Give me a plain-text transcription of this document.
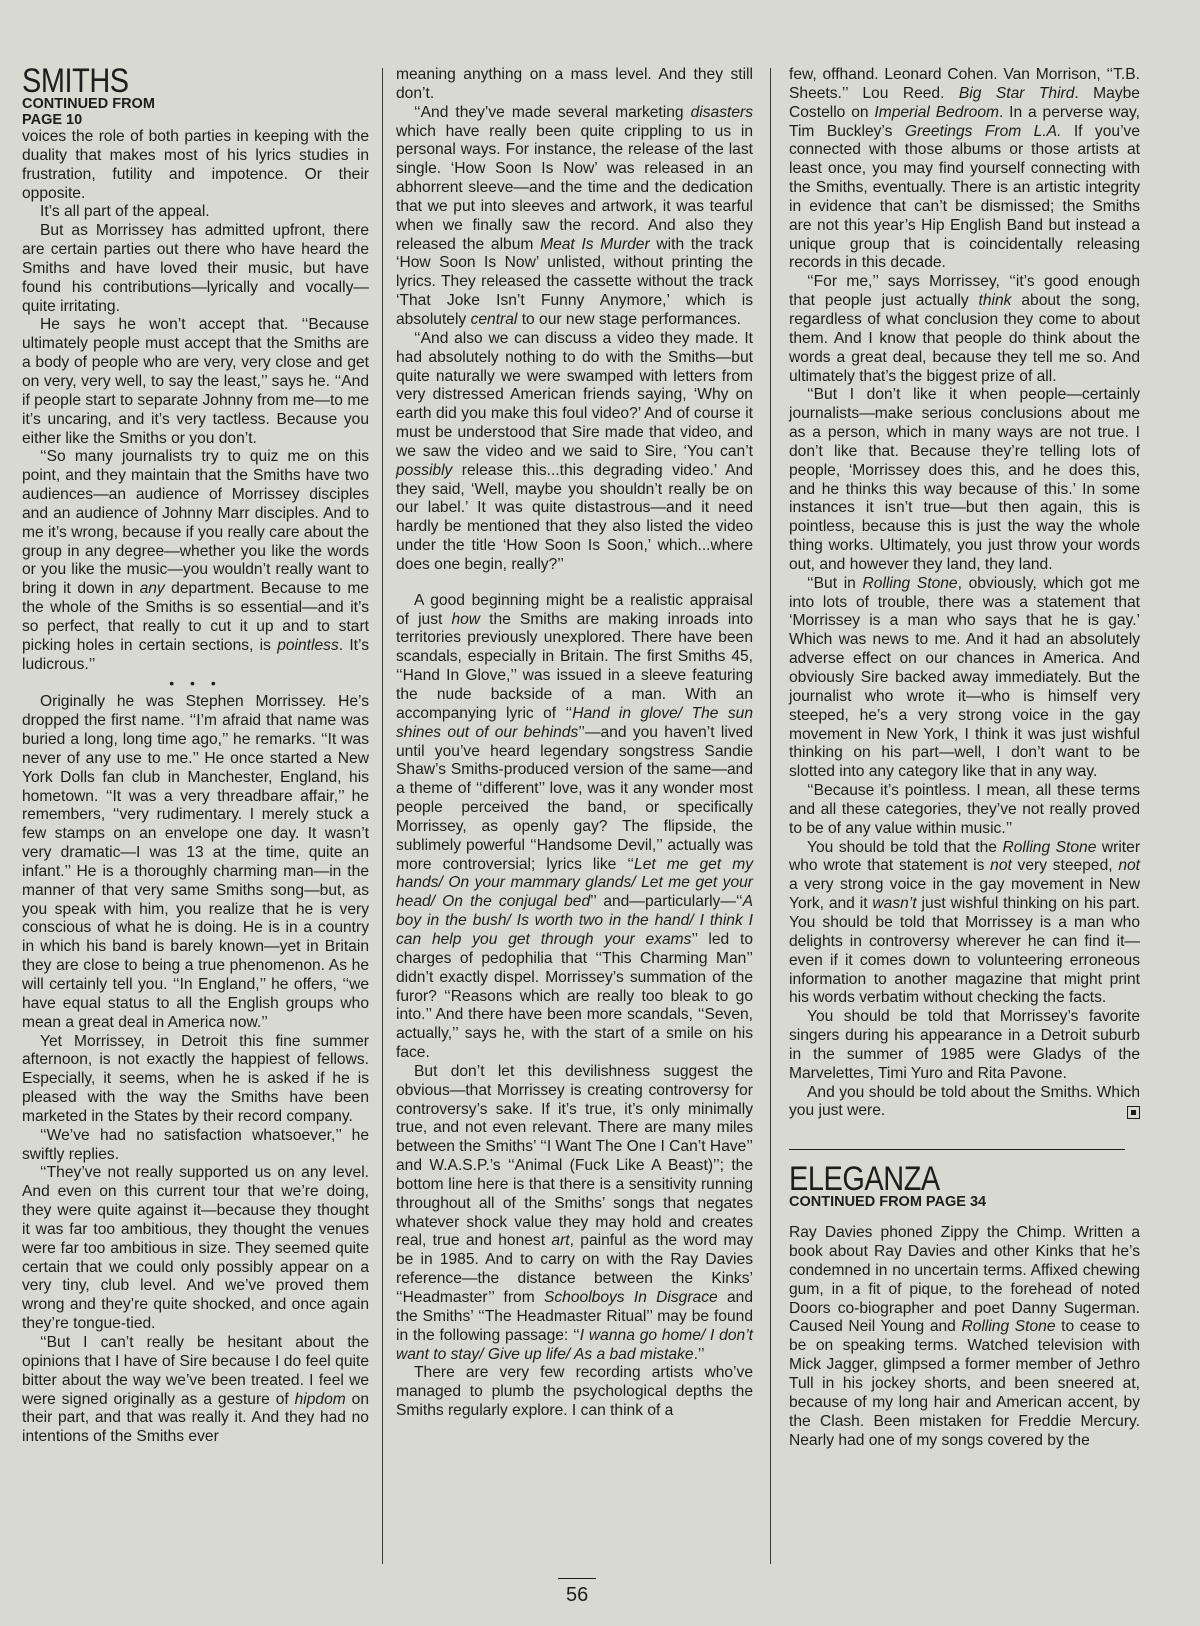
SMITHS

CONTINUED FROM

PAGE 10

voices the role of both parties in keeping with the duality that makes most of his lyrics studies in frustration, futility and impotence. Or their opposite.

It’s all part of the appeal.

But as Morrissey has admitted upfront, there are certain parties out there who have heard the Smiths and have loved their music, but have found his contributions—lyrically and vocally—quite irritating.

He says he won’t accept that. ‘‘Because ultimately people must accept that the Smiths are a body of people who are very, very close and get on very, very well, to say the least,’’ says he. ‘‘And if people start to separate Johnny from me—to me it’s uncaring, and it’s very tactless. Because you either like the Smiths or you don’t.

‘‘So many journalists try to quiz me on this point, and they maintain that the Smiths have two audiences—an audience of Morrissey disciples and an audience of Johnny Marr disciples. And to me it’s wrong, because if you really care about the group in any degree—whether you like the words or you like the music—you wouldn’t really want to bring it down in any department. Because to me the whole of the Smiths is so essential—and it’s so perfect, that really to cut it up and to start picking holes in certain sections, is pointless. It’s ludicrous.’’

• • •

Originally he was Stephen Morrissey. He’s dropped the first name. ‘‘I’m afraid that name was buried a long, long time ago,’’ he remarks. ‘‘It was never of any use to me.’’ He once started a New York Dolls fan club in Manchester, England, his hometown. ‘‘It was a very threadbare affair,’’ he remembers, ‘‘very rudimentary. I merely stuck a few stamps on an envelope one day. It wasn’t very dramatic—I was 13 at the time, quite an infant.’’ He is a thoroughly charming man—in the manner of that very same Smiths song—but, as you speak with him, you realize that he is very conscious of what he is doing. He is in a country in which his band is barely known—yet in Britain they are close to being a true phenomenon. As he will certainly tell you. ‘‘In England,’’ he offers, ‘‘we have equal status to all the English groups who mean a great deal in America now.’’

Yet Morrissey, in Detroit this fine summer afternoon, is not exactly the happiest of fellows. Especially, it seems, when he is asked if he is pleased with the way the Smiths have been marketed in the States by their record company.

‘‘We’ve had no satisfaction whatsoever,’’ he swiftly replies.

‘‘They’ve not really supported us on any level. And even on this current tour that we’re doing, they were quite against it—because they thought it was far too ambitious, they thought the venues were far too ambitious in size. They seemed quite certain that we could only possibly appear on a very tiny, club level. And we’ve proved them wrong and they’re quite shocked, and once again they’re tongue-tied.

‘‘But I can’t really be hesitant about the opinions that I have of Sire because I do feel quite bitter about the way we’ve been treated. I feel we were signed originally as a gesture of hipdom on their part, and that was really it. And they had no intentions of the Smiths ever

meaning anything on a mass level. And they still don’t.

‘‘And they’ve made several marketing disasters which have really been quite crippling to us in personal ways. For instance, the release of the last single. ‘How Soon Is Now’ was released in an abhorrent sleeve—and the time and the dedication that we put into sleeves and artwork, it was tearful when we finally saw the record. And also they released the album Meat Is Murder with the track ‘How Soon Is Now’ unlisted, without printing the lyrics. They released the cassette without the track ‘That Joke Isn’t Funny Anymore,’ which is absolutely central to our new stage performances.

‘‘And also we can discuss a video they made. It had absolutely nothing to do with the Smiths—but quite naturally we were swamped with letters from very distressed American friends saying, ‘Why on earth did you make this foul video?’ And of course it must be understood that Sire made that video, and we saw the video and we said to Sire, ‘You can’t possibly release this...this degrading video.’ And they said, ‘Well, maybe you shouldn’t really be on our label.’ It was quite distastrous—and it need hardly be mentioned that they also listed the video under the title ‘How Soon Is Soon,’ which...where does one begin, really?’’

A good beginning might be a realistic appraisal of just how the Smiths are making inroads into territories previously unexplored. There have been scandals, especially in Britain. The first Smiths 45, ‘‘Hand In Glove,’’ was issued in a sleeve featuring the nude backside of a man. With an accompanying lyric of ‘‘Hand in glove/ The sun shines out of our behinds’’—and you haven’t lived until you’ve heard legendary songstress Sandie Shaw’s Smiths-produced version of the same—and a theme of ‘‘different’’ love, was it any wonder most people perceived the band, or specifically Morrissey, as openly gay? The flipside, the sublimely powerful ‘‘Handsome Devil,’’ actually was more controversial; lyrics like ‘‘Let me get my hands/ On your mammary glands/ Let me get your head/ On the conjugal bed’’ and—particularly—‘‘A boy in the bush/ Is worth two in the hand/ I think I can help you get through your exams’’ led to charges of pedophilia that ‘‘This Charming Man’’ didn’t exactly dispel. Morrissey’s summation of the furor? ‘‘Reasons which are really too bleak to go into.’’ And there have been more scandals, ‘‘Seven, actually,’’ says he, with the start of a smile on his face.

But don’t let this devilishness suggest the obvious—that Morrissey is creating controversy for controversy’s sake. If it’s true, it’s only minimally true, and not even relevant. There are many miles between the Smiths’ ‘‘I Want The One I Can’t Have’’ and W.A.S.P.’s ‘‘Animal (Fuck Like A Beast)’’; the bottom line here is that there is a sensitivity running throughout all of the Smiths’ songs that negates whatever shock value they may hold and creates real, true and honest art, painful as the word may be in 1985. And to carry on with the Ray Davies reference—the distance between the Kinks’ ‘‘Headmaster’’ from Schoolboys In Disgrace and the Smiths’ ‘‘The Headmaster Ritual’’ may be found in the following passage: ‘‘I wanna go home/ I don’t want to stay/ Give up life/ As a bad mistake.’’

There are very few recording artists who’ve managed to plumb the psychological depths the Smiths regularly explore. I can think of a

few, offhand. Leonard Cohen. Van Morrison, ‘‘T.B. Sheets.’’ Lou Reed. Big Star Third. Maybe Costello on Imperial Bedroom. In a perverse way, Tim Buckley’s Greetings From L.A. If you’ve connected with those albums or those artists at least once, you may find yourself connecting with the Smiths, eventually. There is an artistic integrity in evidence that can’t be dismissed; the Smiths are not this year’s Hip English Band but instead a unique group that is coincidentally releasing records in this decade.

‘‘For me,’’ says Morrissey, ‘‘it’s good enough that people just actually think about the song, regardless of what conclusion they come to about them. And I know that people do think about the words a great deal, because they tell me so. And ultimately that’s the biggest prize of all.

‘‘But I don’t like it when people—certainly journalists—make serious conclusions about me as a person, which in many ways are not true. I don’t like that. Because they’re telling lots of people, ‘Morrissey does this, and he does this, and he thinks this way because of this.’ In some instances it isn’t true—but then again, this is pointless, because this is just the way the whole thing works. Ultimately, you just throw your words out, and however they land, they land.

‘‘But in Rolling Stone, obviously, which got me into lots of trouble, there was a statement that ‘Morrissey is a man who says that he is gay.’ Which was news to me. And it had an absolutely adverse effect on our chances in America. And obviously Sire backed away immediately. But the journalist who wrote it—who is himself very steeped, he’s a very strong voice in the gay movement in New York, I think it was just wishful thinking on his part—well, I don’t want to be slotted into any category like that in any way.

‘‘Because it’s pointless. I mean, all these terms and all these categories, they’ve not really proved to be of any value within music.’’

You should be told that the Rolling Stone writer who wrote that statement is not very steeped, not a very strong voice in the gay movement in New York, and it wasn’t just wishful thinking on his part. You should be told that Morrissey is a man who delights in controversy wherever he can find it—even if it comes down to volunteering erroneous information to another magazine that might print his words verbatim without checking the facts.

You should be told that Morrissey’s favorite singers during his appearance in a Detroit suburb in the summer of 1985 were Gladys of the Marvelettes, Timi Yuro and Rita Pavone.

And you should be told about the Smiths. Which you just were.

ELEGANZA

CONTINUED FROM PAGE 34

Ray Davies phoned Zippy the Chimp. Written a book about Ray Davies and other Kinks that he’s condemned in no uncertain terms. Affixed chewing gum, in a fit of pique, to the forehead of noted Doors co-biographer and poet Danny Sugerman. Caused Neil Young and Rolling Stone to cease to be on speaking terms. Watched television with Mick Jagger, glimpsed a former member of Jethro Tull in his jockey shorts, and been sneered at, because of my long hair and American accent, by the Clash. Been mistaken for Freddie Mercury. Nearly had one of my songs covered by the

56
